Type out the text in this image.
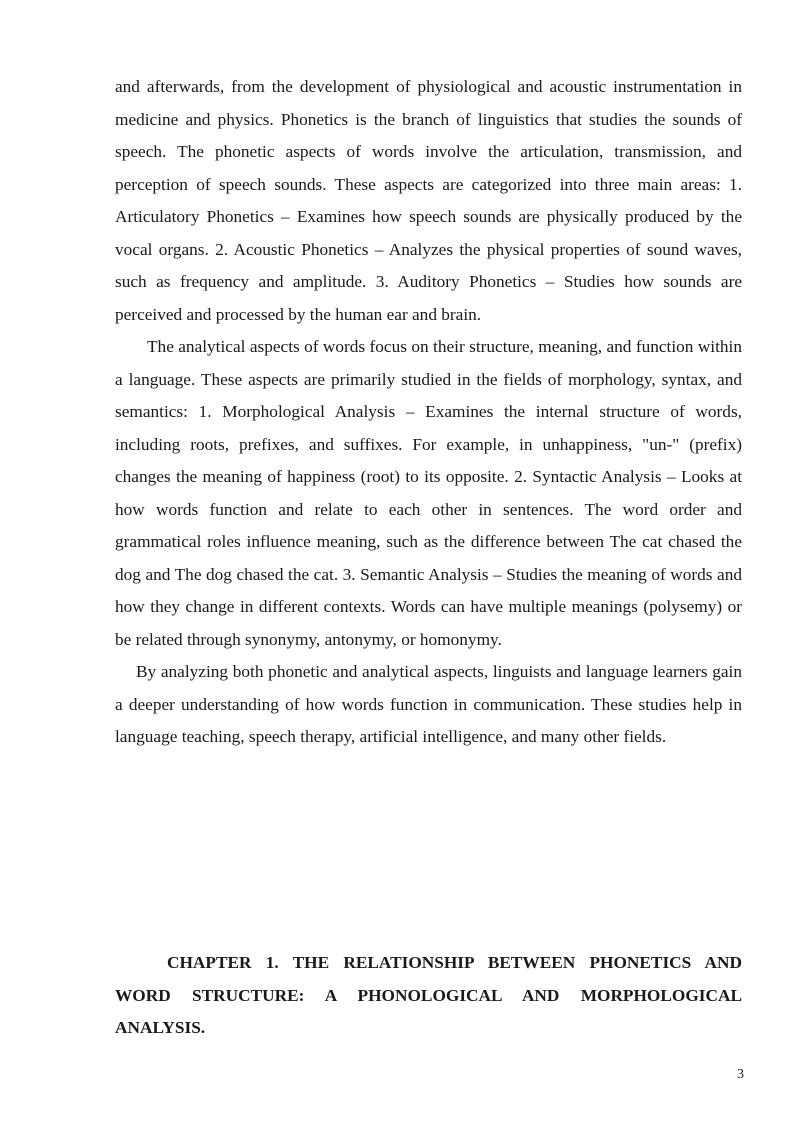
and afterwards, from the development of physiological and acoustic instrumentation in medicine and physics. Phonetics is the branch of linguistics that studies the sounds of speech. The phonetic aspects of words involve the articulation, transmission, and perception of speech sounds. These aspects are categorized into three main areas: 1. Articulatory Phonetics – Examines how speech sounds are physically produced by the vocal organs. 2. Acoustic Phonetics – Analyzes the physical properties of sound waves, such as frequency and amplitude. 3. Auditory Phonetics – Studies how sounds are perceived and processed by the human ear and brain.

The analytical aspects of words focus on their structure, meaning, and function within a language. These aspects are primarily studied in the fields of morphology, syntax, and semantics: 1. Morphological Analysis – Examines the internal structure of words, including roots, prefixes, and suffixes. For example, in unhappiness, "un-" (prefix) changes the meaning of happiness (root) to its opposite. 2. Syntactic Analysis – Looks at how words function and relate to each other in sentences. The word order and grammatical roles influence meaning, such as the difference between The cat chased the dog and The dog chased the cat. 3. Semantic Analysis – Studies the meaning of words and how they change in different contexts. Words can have multiple meanings (polysemy) or be related through synonymy, antonymy, or homonymy.

By analyzing both phonetic and analytical aspects, linguists and language learners gain a deeper understanding of how words function in communication. These studies help in language teaching, speech therapy, artificial intelligence, and many other fields.

CHAPTER 1. THE RELATIONSHIP BETWEEN PHONETICS AND WORD STRUCTURE: A PHONOLOGICAL AND MORPHOLOGICAL ANALYSIS.
3
